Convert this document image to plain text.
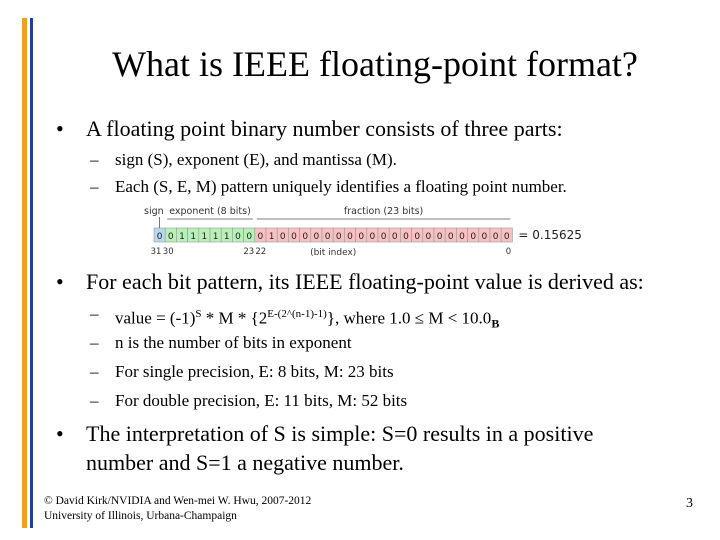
What is IEEE floating-point format?
• A floating point binary number consists of three parts:
– sign (S), exponent (E), and mantissa (M).
– Each (S, E, M) pattern uniquely identifies a floating point number.
0 0 1 1 1 1 1 0 0 0 1 0 0 0 0 0 0 0 0 0 0 0 0 0 0 0 0 0 0 0 0 0
sign exponent (8 bits)	fraction (23 bits)
31 30	23 22	0
(bit index)
= 0.15625
• For each bit pattern, its IEEE floating-point value is derived as:
– value = $(-1)^S$ * M * $\{2^{E-(2\^{}(n-1)-1)}\}$, where $1.0 \le M < 10.0_B$
– n is the number of bits in exponent
– For single precision, E: 8 bits, M: 23 bits
– For double precision, E: 11 bits, M: 52 bits
• The interpretation of S is simple: S=0 results in a positive
number and S=1 a negative number.
© David Kirk/NVIDIA and Wen-mei W. Hwu, 2007-2012
University of Illinois, Urbana-Champaign
3
